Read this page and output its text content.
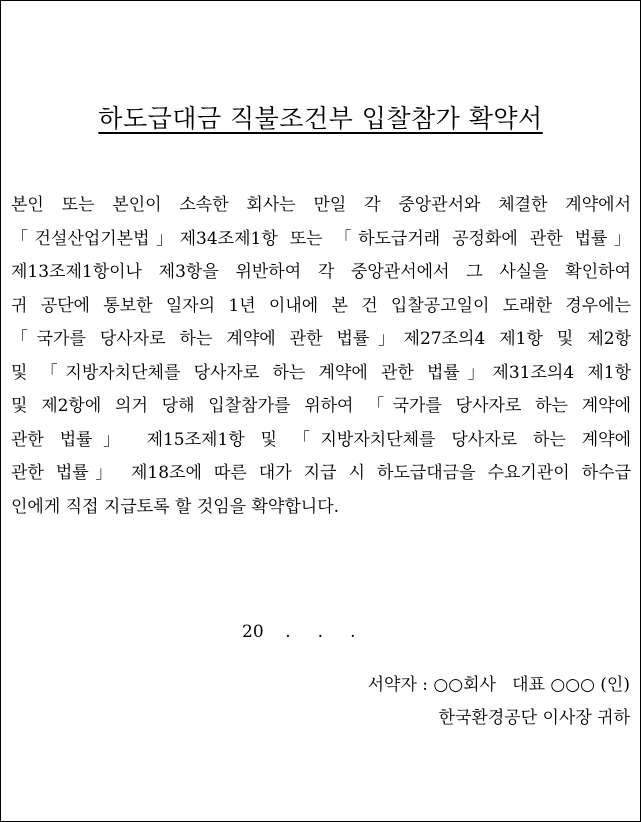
하도급대금 직불조건부 입찰참가 확약서
본인 또는 본인이 소속한 회사는 만일 각 중앙관서와 체결한 계약에서
「건설산업기본법」제34조제1항 또는 「하도급거래 공정화에 관한 법률」
제13조제1항이나 제3항을 위반하여 각 중앙관서에서 그 사실을 확인하여
귀 공단에 통보한 일자의 1년 이내에 본 건 입찰공고일이 도래한 경우에는
「국가를 당사자로 하는 계약에 관한 법률」제27조의4 제1항 및 제2항
및 「지방자치단체를 당사자로 하는 계약에 관한 법률」제31조의4 제1항
및 제2항에 의거 당해 입찰참가를 위하여 「국가를 당사자로 하는 계약에
관한 법률」 제15조제1항 및 「지방자치단체를 당사자로 하는 계약에
관한 법률」 제18조에 따른 대가 지급 시 하도급대금을 수요기관이 하수급
인에게 직접 지급토록 할 것임을 확약합니다.
20    .     .     .
서약자 : ○○회사   대표 ○○○ (인)
한국환경공단 이사장 귀하
